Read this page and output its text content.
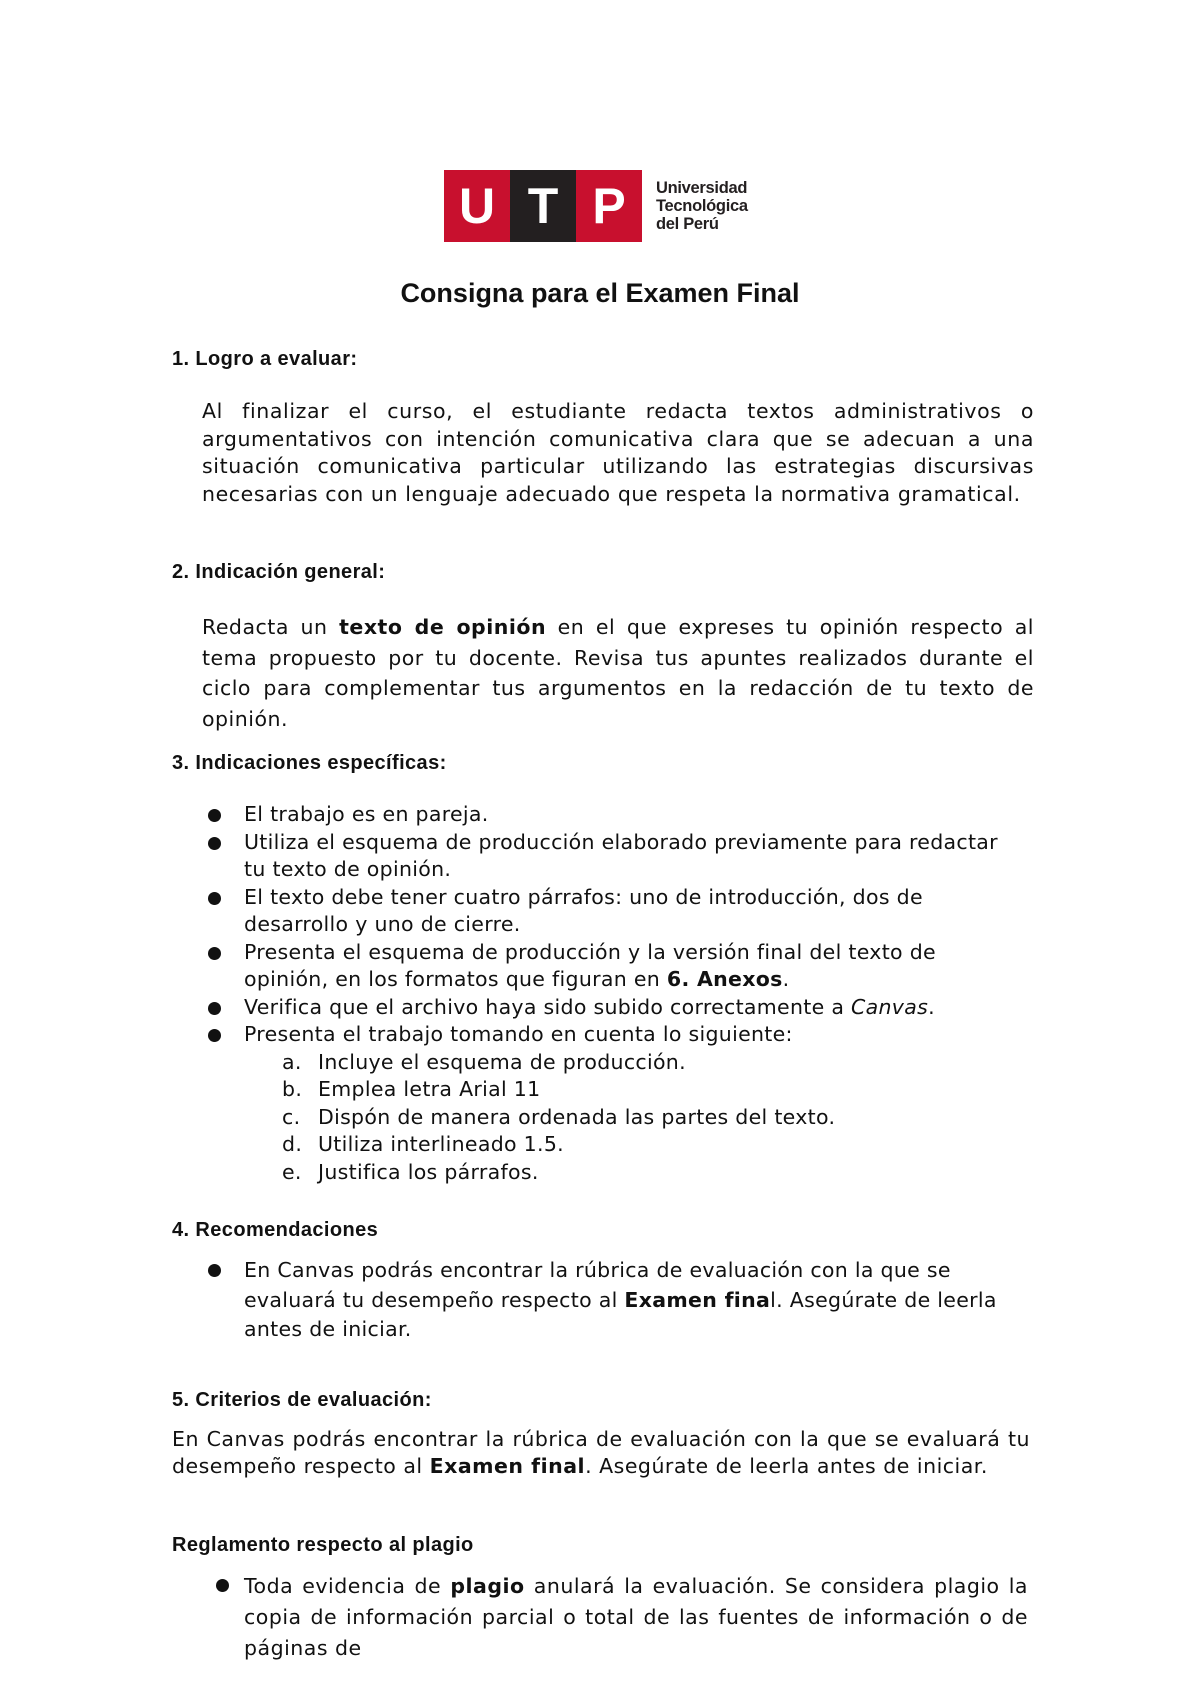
U T P	Universidad
Tecnológica
del Perú
Consigna para el Examen Final
1. Logro a evaluar:
Al finalizar el curso, el estudiante redacta textos administrativos o argumentativos con intención comunicativa clara que se adecuan a una situación comunicativa particular utilizando las estrategias discursivas necesarias con un lenguaje adecuado que respeta la normativa gramatical.
2. Indicación general:
Redacta un texto de opinión en el que expreses tu opinión respecto al tema propuesto por tu docente. Revisa tus apuntes realizados durante el ciclo para complementar tus argumentos en la redacción de tu texto de opinión.
3. Indicaciones específicas:
El trabajo es en pareja.
Utiliza el esquema de producción elaborado previamente para redactar tu texto de opinión.
El texto debe tener cuatro párrafos: uno de introducción, dos de desarrollo y uno de cierre.
Presenta el esquema de producción y la versión final del texto de opinión, en los formatos que figuran en 6. Anexos.
Verifica que el archivo haya sido subido correctamente a Canvas.
Presenta el trabajo tomando en cuenta lo siguiente:
a. Incluye el esquema de producción.
b. Emplea letra Arial 11
c. Dispón de manera ordenada las partes del texto.
d. Utiliza interlineado 1.5.
e. Justifica los párrafos.
4. Recomendaciones
En Canvas podrás encontrar la rúbrica de evaluación con la que se evaluará tu desempeño respecto al Examen final. Asegúrate de leerla antes de iniciar.
5. Criterios de evaluación:
En Canvas podrás encontrar la rúbrica de evaluación con la que se evaluará tu desempeño respecto al Examen final. Asegúrate de leerla antes de iniciar.
Reglamento respecto al plagio
Toda evidencia de plagio anulará la evaluación. Se considera plagio la copia de información parcial o total de las fuentes de información o de páginas de
